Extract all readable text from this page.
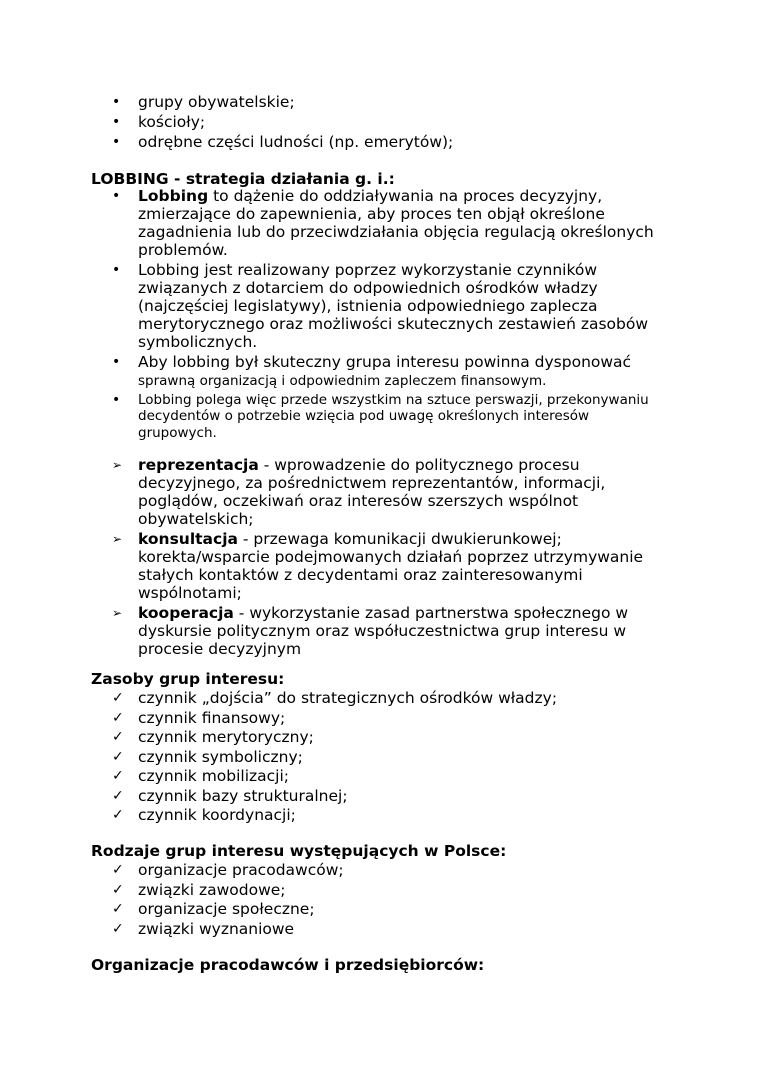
•	grupy obywatelskie;
•	kościoły;
•	odrębne części ludności (np. emerytów);
LOBBING - strategia działania g. i.:
•	Lobbing to dążenie do oddziaływania na proces decyzyjny, zmierzające do zapewnienia, aby proces ten objął określone zagadnienia lub do przeciwdziałania objęcia regulacją określonych problemów.
•	Lobbing jest realizowany poprzez wykorzystanie czynników związanych z dotarciem do odpowiednich ośrodków władzy (najczęściej legislatywy), istnienia odpowiedniego zaplecza merytorycznego oraz możliwości skutecznych zestawień zasobów symbolicznych.
•	Aby lobbing był skuteczny grupa interesu powinna dysponować
sprawną organizacją i odpowiednim zapleczem finansowym.
•	Lobbing polega więc przede wszystkim na sztuce perswazji, przekonywaniu decydentów o potrzebie wzięcia pod uwagę określonych interesów grupowych.
➢	reprezentacja - wprowadzenie do politycznego procesu decyzyjnego, za pośrednictwem reprezentantów, informacji, poglądów, oczekiwań oraz interesów szerszych wspólnot obywatelskich;
➢	konsultacja - przewaga komunikacji dwukierunkowej; korekta/wsparcie podejmowanych działań poprzez utrzymywanie stałych kontaktów z decydentami oraz zainteresowanymi wspólnotami;
➢	kooperacja - wykorzystanie zasad partnerstwa społecznego w dyskursie politycznym oraz współuczestnictwa grup interesu w procesie decyzyjnym
Zasoby grup interesu:
✓ czynnik „dojścia” do strategicznych ośrodków władzy;
✓ czynnik finansowy;
✓ czynnik merytoryczny;
✓ czynnik symboliczny;
✓ czynnik mobilizacji;
✓ czynnik bazy strukturalnej;
✓ czynnik koordynacji;
Rodzaje grup interesu występujących w Polsce:
✓ organizacje pracodawców;
✓ związki zawodowe;
✓ organizacje społeczne;
✓ związki wyznaniowe
Organizacje pracodawców i przedsiębiorców:
